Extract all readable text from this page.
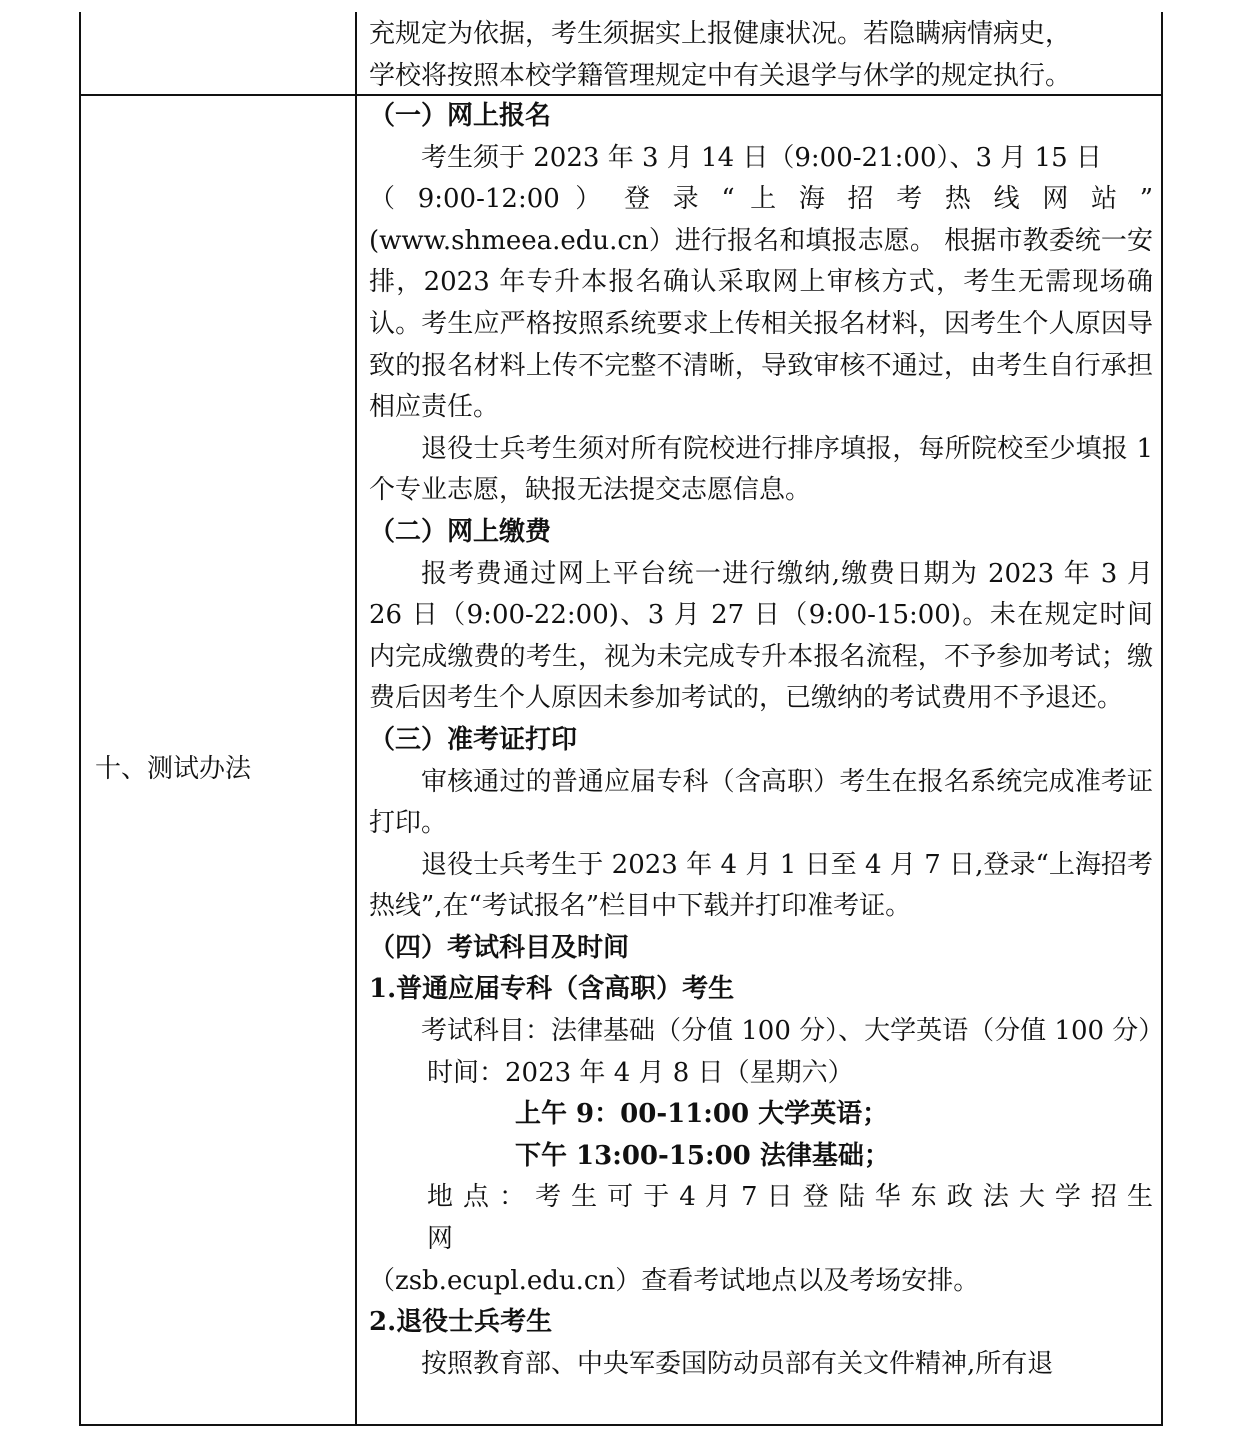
充规定为依据，考生须据实上报健康状况。若隐瞒病情病史，

学校将按照本校学籍管理规定中有关退学与休学的规定执行。

十、测试办法

（一）网上报名

考生须于 2023 年 3 月 14 日（9:00-21:00）、3 月 15 日

（ 9:00-12:00 ） 登 录 “ 上 海 招 考 热 线 网 站 ”

(www.shmeea.edu.cn）进行报名和填报志愿。 根据市教委统一安排，2023 年专升本报名确认采取网上审核方式，考生无需现场确认。考生应严格按照系统要求上传相关报名材料，因考生个人原因导致的报名材料上传不完整不清晰，导致审核不通过，由考生自行承担相应责任。

退役士兵考生须对所有院校进行排序填报，每所院校至少填报 1 个专业志愿，缺报无法提交志愿信息。

（二）网上缴费

报考费通过网上平台统一进行缴纳,缴费日期为 2023 年 3 月 26 日（9:00-22:00)、3 月 27 日（9:00-15:00)。未在规定时间内完成缴费的考生，视为未完成专升本报名流程，不予参加考试；缴费后因考生个人原因未参加考试的，已缴纳的考试费用不予退还。

（三）准考证打印

审核通过的普通应届专科（含高职）考生在报名系统完成准考证打印。

退役士兵考生于 2023 年 4 月 1 日至 4 月 7 日,登录“上海招考热线”,在“考试报名”栏目中下载并打印准考证。

（四）考试科目及时间

1.普通应届专科（含高职）考生

考试科目：法律基础（分值 100 分）、大学英语（分值 100 分）

时间：2023 年 4 月 8 日（星期六）

上午 9：00-11:00 大学英语；

下午 13:00-15:00 法律基础；

地 点 ： 考 生 可 于 4 月 7 日 登 陆 华 东 政 法 大 学 招 生 网

（zsb.ecupl.edu.cn）查看考试地点以及考场安排。

2.退役士兵考生

按照教育部、中央军委国防动员部有关文件精神,所有退
